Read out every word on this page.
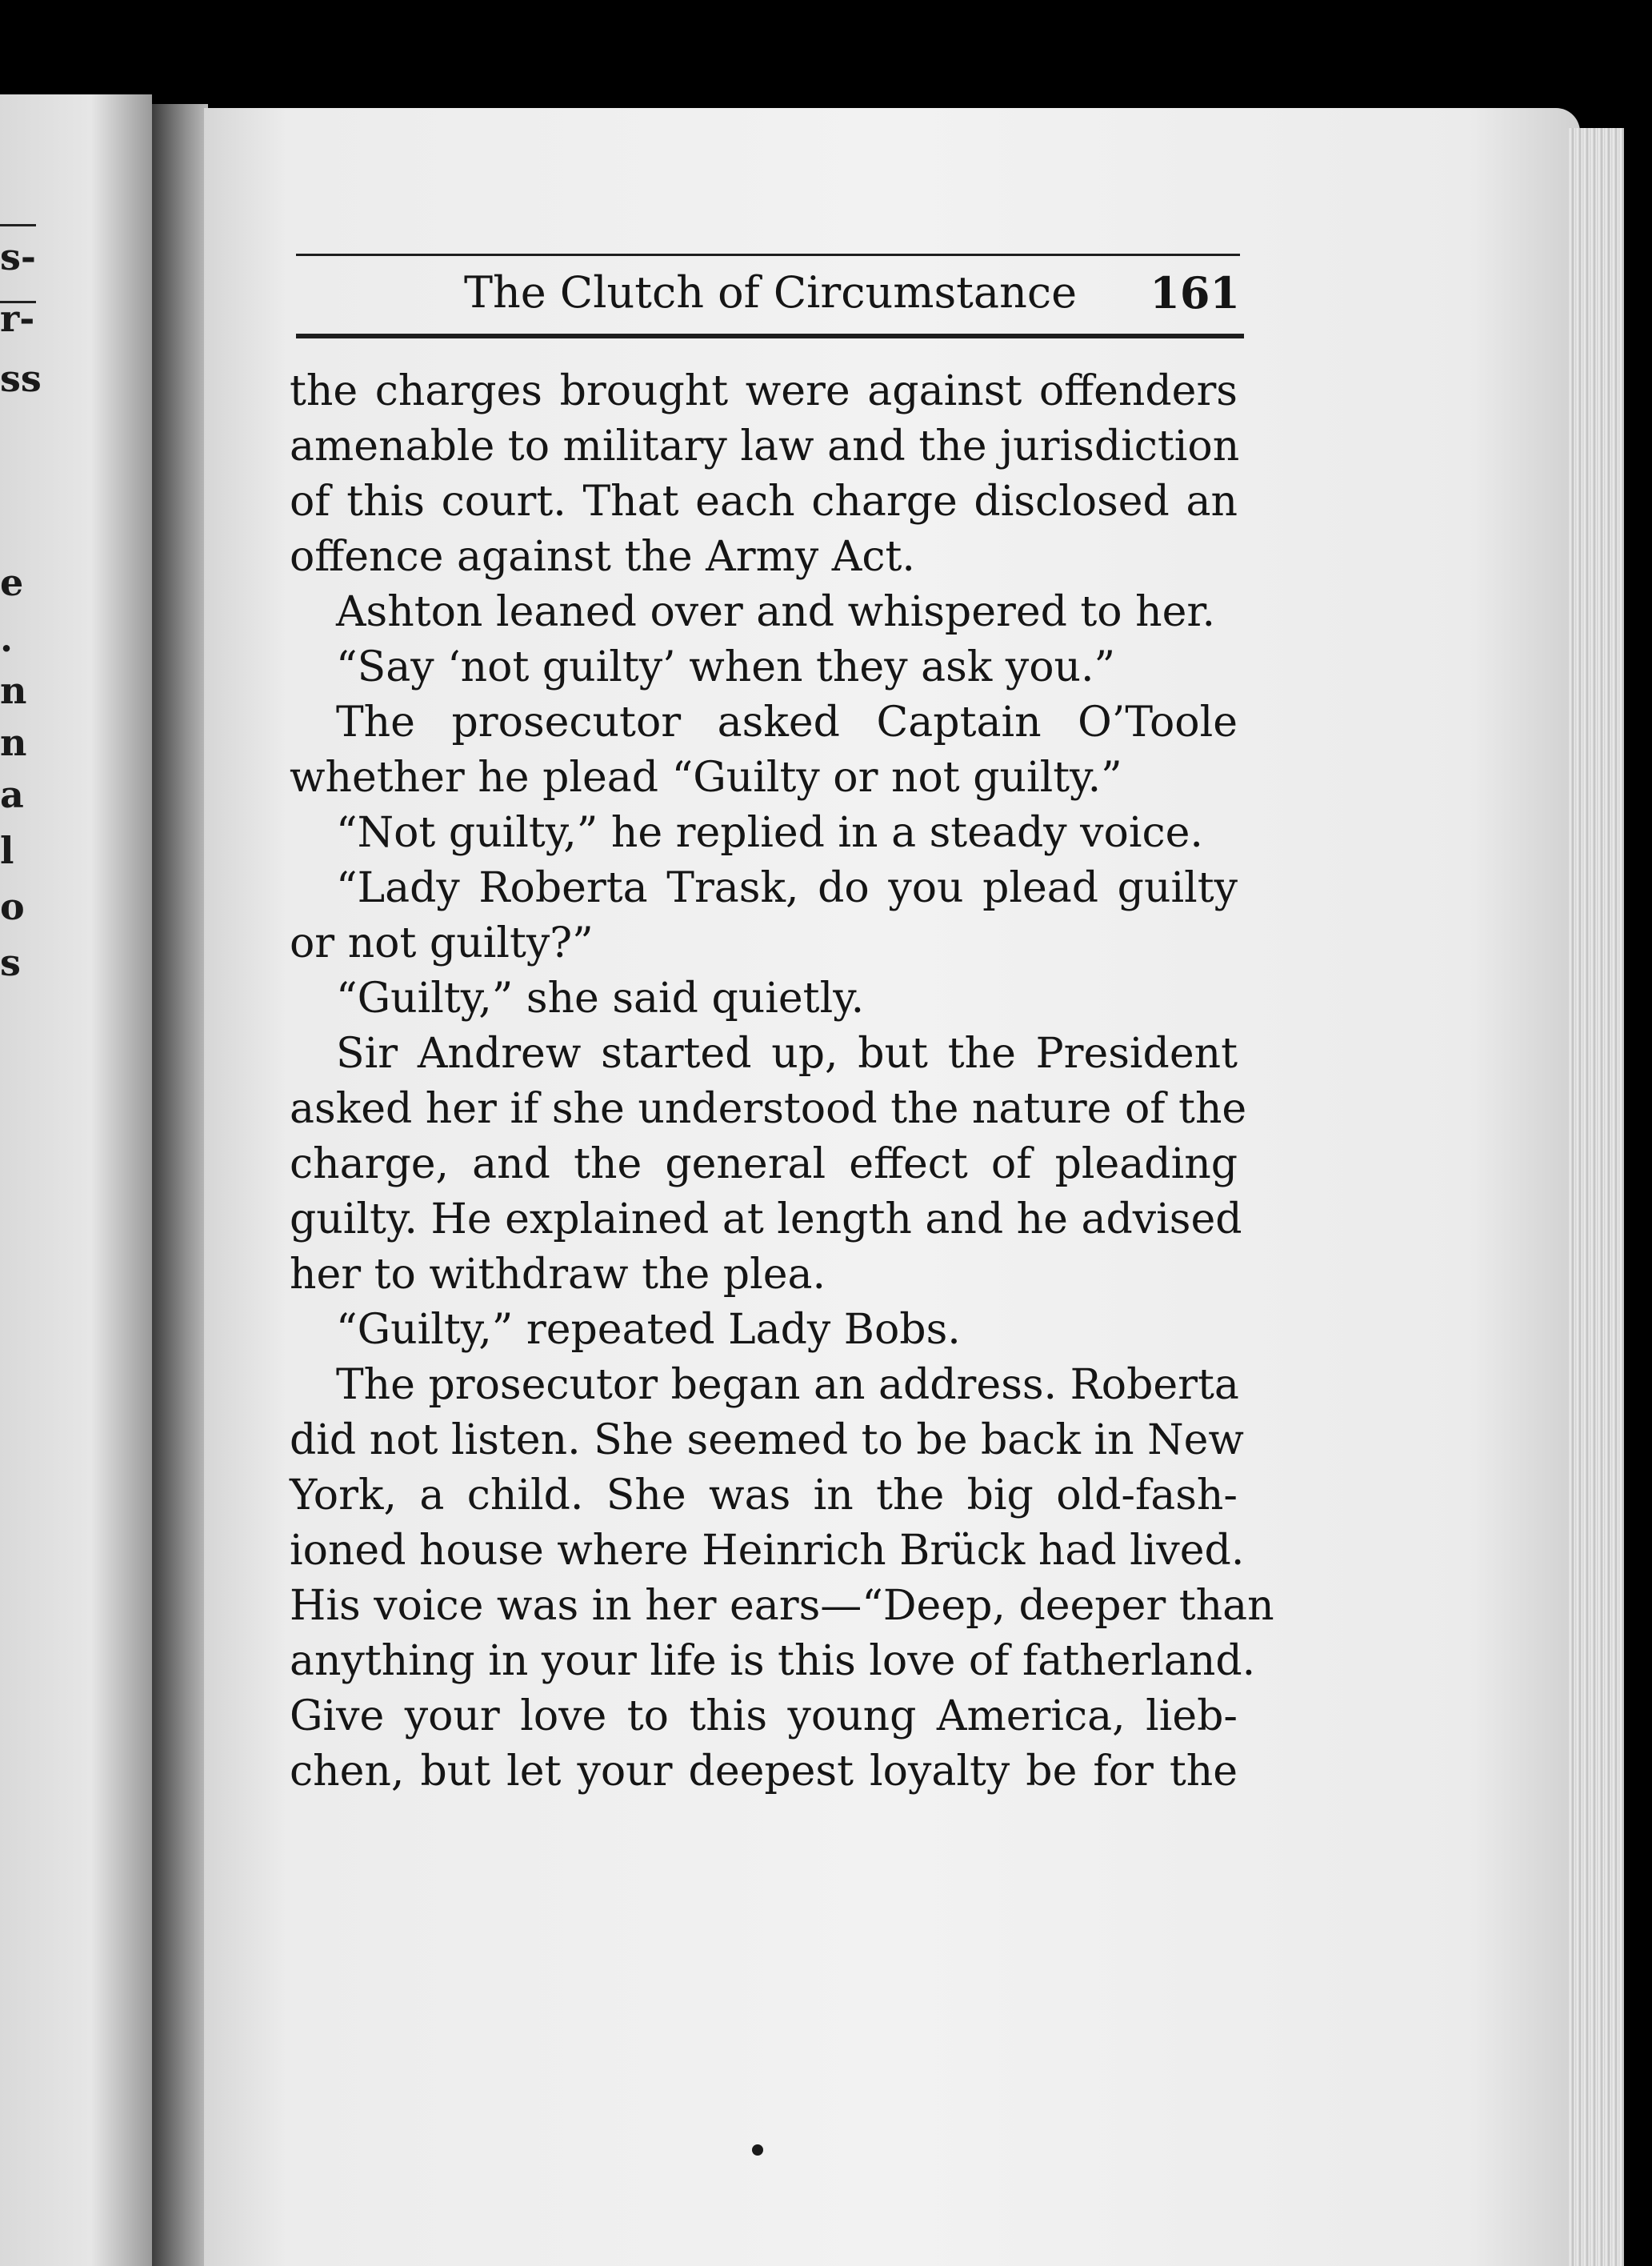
s-
r-
ss
e
.
n
n
a
l
o
s
The Clutch of Circumstance 161
the charges brought were against offenders
amenable to military law and the jurisdiction
of this court. That each charge disclosed an
offence against the Army Act.
Ashton leaned over and whispered to her.
“Say ‘not guilty’ when they ask you.”
The prosecutor asked Captain O’Toole
whether he plead “Guilty or not guilty.”
“Not guilty,” he replied in a steady voice.
“Lady Roberta Trask, do you plead guilty
or not guilty?”
“Guilty,” she said quietly.
Sir Andrew started up, but the President
asked her if she understood the nature of the
charge, and the general effect of pleading
guilty. He explained at length and he advised
her to withdraw the plea.
“Guilty,” repeated Lady Bobs.
The prosecutor began an address. Roberta
did not listen. She seemed to be back in New
York, a child. She was in the big old-fash-
ioned house where Heinrich Brück had lived.
His voice was in her ears—“Deep, deeper than
anything in your life is this love of fatherland.
Give your love to this young America, lieb-
chen, but let your deepest loyalty be for the
